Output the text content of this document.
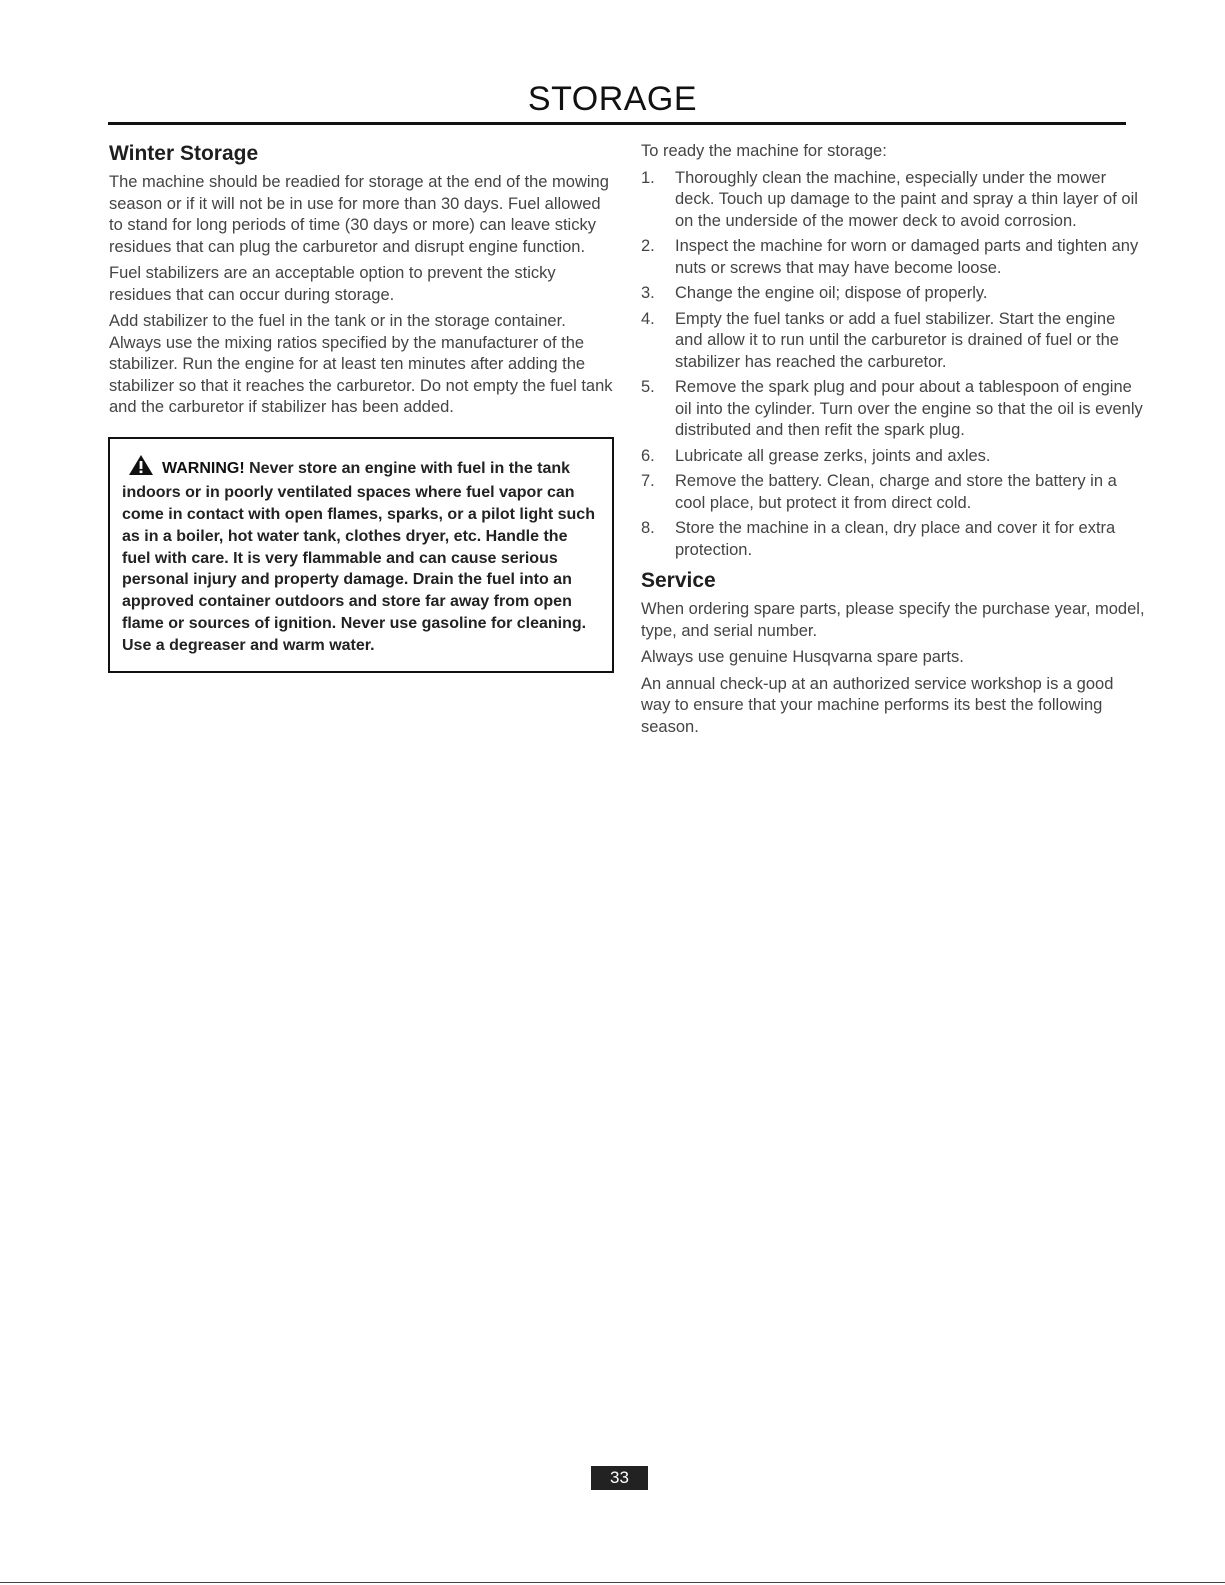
STORAGE
Winter Storage

The machine should be readied for storage at the end of the mowing season or if it will not be in use for more than 30 days. Fuel allowed to stand for long periods of time (30 days or more) can leave sticky residues that can plug the carburetor and disrupt engine function.

Fuel stabilizers are an acceptable option to prevent the sticky residues that can occur during storage.

Add stabilizer to the fuel in the tank or in the storage container. Always use the mixing ratios specified by the manufacturer of the stabilizer. Run the engine for at least ten minutes after adding the stabilizer so that it reaches the carburetor. Do not empty the fuel tank and the carburetor if stabilizer has been added.

WARNING! Never store an engine with fuel in the tank indoors or in poorly ventilated spaces where fuel vapor can come in contact with open flames, sparks, or a pilot light such as in a boiler, hot water tank, clothes dryer, etc. Handle the fuel with care. It is very flammable and can cause serious personal injury and property damage. Drain the fuel into an approved container outdoors and store far away from open flame or sources of ignition. Never use gasoline for cleaning. Use a degreaser and warm water.

To ready the machine for storage:

1. Thoroughly clean the machine, especially under the mower deck. Touch up damage to the paint and spray a thin layer of oil on the underside of the mower deck to avoid corrosion.
2. Inspect the machine for worn or damaged parts and tighten any nuts or screws that may have become loose.
3. Change the engine oil; dispose of properly.
4. Empty the fuel tanks or add a fuel stabilizer. Start the engine and allow it to run until the carburetor is drained of fuel or the stabilizer has reached the carburetor.
5. Remove the spark plug and pour about a tablespoon of engine oil into the cylinder. Turn over the engine so that the oil is evenly distributed and then refit the spark plug.
6. Lubricate all grease zerks, joints and axles.
7. Remove the battery. Clean, charge and store the battery in a cool place, but protect it from direct cold.
8. Store the machine in a clean, dry place and cover it for extra protection.
Service

When ordering spare parts, please specify the purchase year, model, type, and serial number.

Always use genuine Husqvarna spare parts.

An annual check-up at an authorized service workshop is a good way to ensure that your machine performs its best the following season.

33
